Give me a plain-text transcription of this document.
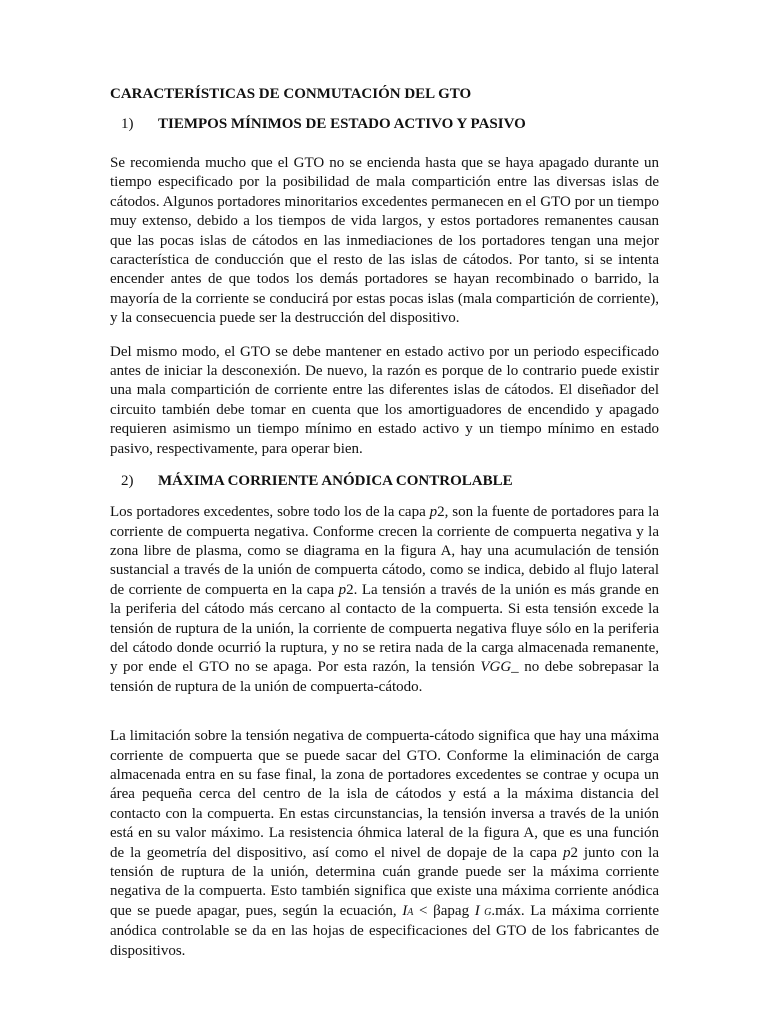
CARACTERÍSTICAS DE CONMUTACIÓN DEL GTO
1) TIEMPOS MÍNIMOS DE ESTADO ACTIVO Y PASIVO

Se recomienda mucho que el GTO no se encienda hasta que se haya apagado durante un tiempo especificado por la posibilidad de mala compartición entre las diversas islas de cátodos. Algunos portadores minoritarios excedentes permanecen en el GTO por un tiempo muy extenso, debido a los tiempos de vida largos, y estos portadores remanentes causan que las pocas islas de cátodos en las inmediaciones de los portadores tengan una mejor característica de conducción que el resto de las islas de cátodos. Por tanto, si se intenta encender antes de que todos los demás portadores se hayan recombinado o barrido, la mayoría de la corriente se conducirá por estas pocas islas (mala compartición de corriente), y la consecuencia puede ser la destrucción del dispositivo.

Del mismo modo, el GTO se debe mantener en estado activo por un periodo especificado antes de iniciar la desconexión. De nuevo, la razón es porque de lo contrario puede existir una mala compartición de corriente entre las diferentes islas de cátodos. El diseñador del circuito también debe tomar en cuenta que los amortiguadores de encendido y apagado requieren asimismo un tiempo mínimo en estado activo y un tiempo mínimo en estado pasivo, respectivamente, para operar bien.

2) MÁXIMA CORRIENTE ANÓDICA CONTROLABLE

Los portadores excedentes, sobre todo los de la capa p2, son la fuente de portadores para la corriente de compuerta negativa. Conforme crecen la corriente de compuerta negativa y la zona libre de plasma, como se diagrama en la figura A, hay una acumulación de tensión sustancial a través de la unión de compuerta cátodo, como se indica, debido al flujo lateral de corriente de compuerta en la capa p2. La tensión a través de la unión es más grande en la periferia del cátodo más cercano al contacto de la compuerta. Si esta tensión excede la tensión de ruptura de la unión, la corriente de compuerta negativa fluye sólo en la periferia del cátodo donde ocurrió la ruptura, y no se retira nada de la carga almacenada remanente, y por ende el GTO no se apaga. Por esta razón, la tensión VGG_ no debe sobrepasar la tensión de ruptura de la unión de compuerta-cátodo.

La limitación sobre la tensión negativa de compuerta-cátodo significa que hay una máxima corriente de compuerta que se puede sacar del GTO. Conforme la eliminación de carga almacenada entra en su fase final, la zona de portadores excedentes se contrae y ocupa un área pequeña cerca del centro de la isla de cátodos y está a la máxima distancia del contacto con la compuerta. En estas circunstancias, la tensión inversa a través de la unión está en su valor máximo. La resistencia óhmica lateral de la figura A, que es una función de la geometría del dispositivo, así como el nivel de dopaje de la capa p2 junto con la tensión de ruptura de la unión, determina cuán grande puede ser la máxima corriente negativa de la compuerta. Esto también significa que existe una máxima corriente anódica que se puede apagar, pues, según la ecuación, IA < βapag I G.máx. La máxima corriente anódica controlable se da en las hojas de especificaciones del GTO de los fabricantes de dispositivos.
